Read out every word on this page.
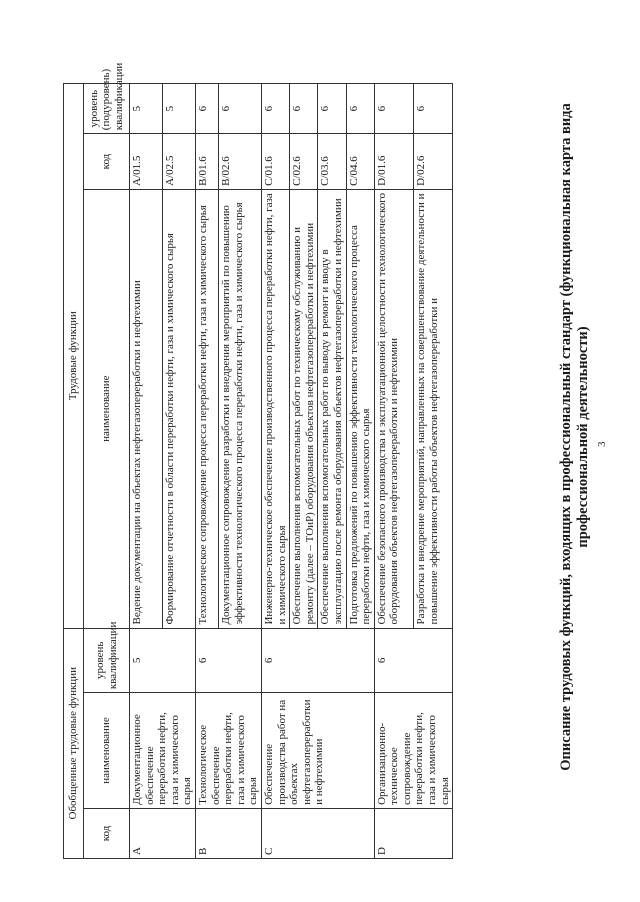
3
Описание трудовых функций, входящих в профессиональный стандарт (функциональная карта вида профессиональной деятельности)
Обобщенные трудовые функции			Трудовые функции		
код	наименование	уровень квалификации	наименование	код	уровень (подуровень) квалификации
A	Документационное обеспечение переработки нефти, газа и химического сырья	5	Ведение документации на объектах нефтегазопереработки и нефтехимии	A/01.5	5
			Формирование отчетности в области переработки нефти, газа и химического сырья	A/02.5	5
B	Технологическое обеспечение переработки нефти, газа и химического сырья	6	Технологическое сопровождение процесса переработки нефти, газа и химического сырья	B/01.6	6
			Документационное сопровождение разработки и внедрения мероприятий по повышению эффективности технологического процесса переработки нефти, газа и химического сырья	B/02.6	6
C	Обеспечение производства работ на объектах нефтегазопереработки и нефтехимии	6	Инженерно-техническое обеспечение производственного процесса переработки нефти, газа и химического сырья	C/01.6	6
			Обеспечение выполнения вспомогательных работ по техническому обслуживанию и ремонту (далее – ТОиР) оборудования объектов нефтегазопереработки и нефтехимии	C/02.6	6
			Обеспечение выполнения вспомогательных работ по выводу в ремонт и вводу в эксплуатацию после ремонта оборудования объектов нефтегазопереработки и нефтехимии	C/03.6	6
			Подготовка предложений по повышению эффективности технологического процесса переработки нефти, газа и химического сырья	C/04.6	6
D	Организационно-техническое сопровождение переработки нефти, газа и химического сырья	6	Обеспечение безопасного производства и эксплуатационной целостности технологического оборудования объектов нефтегазопереработки и нефтехимии	D/01.6	6
			Разработка и внедрение мероприятий, направленных на совершенствование деятельности и повышение эффективности работы объектов нефтегазопереработки и	D/02.6	6
